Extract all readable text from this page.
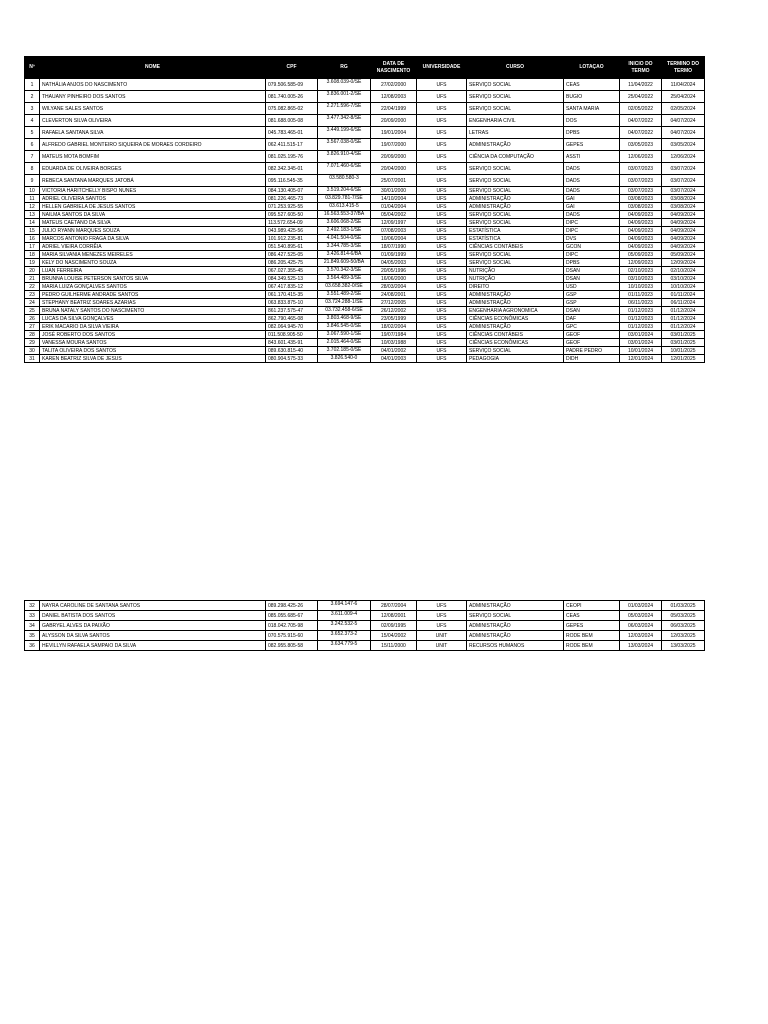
Nº	NOME	CPF	RG	DATA DE NASCIMENTO	UNIVERSIDADE	CURSO	LOTAÇAO	INICIO DO TERMO	TERMINO DO TERMO
1	NATHÁLIA ANJOS DO NASCIMENTO	079.506.585-09	3.608.039-0/SE	27/02/2000	UFS	SERVIÇO SOCIAL	CEAS	11/04/2022	11/04/2024
2	THAUANY PINHEIRO DOS SANTOS	081.740.005-26	3.836.001-2/SE	12/08/2003	UFS	SERVIÇO SOCIAL	BUGIO	25/04/2022	25/04/2024
3	WILYANE SALES SANTOS	075.082.865-02	2.271.596-7/SE	22/04/1999	UFS	SERVIÇO SOCIAL	SANTA MARIA	02/05/2022	02/05/2024
4	CLEVERTON SILVA OLIVEIRA	081.688.005-08	3.477.342-8/SE	20/09/2000	UFS	ENGENHARIA CIVIL	DOS	04/07/2022	04/07/2024
5	RAFAELA SANTANA SILVA	045.783.465-01	3.449.199-6/SE	19/01/2004	UFS	LETRAS	DPBS	04/07/2022	04/07/2024
6	ALFREDO GABRIEL MONTEIRO SIQUEIRA DE MORAES CORDEIRO	062.411.515-17	3.567.038-0/SE	19/07/2000	UFS	ADMINISTRAÇÃO	GEPES	03/05/2023	03/05/2024
7	MATEUS MOTA BOMFIM	081.025.195-76	3.826.910-4/SE	20/09/2000	UFS	CIÊNCIA DA COMPUTAÇÃO	ASSTI	12/06/2023	12/06/2024
8	EDUARDA DE OLIVEIRA BORGES	082.342.345-01	7.071.460-6/SE	20/04/2000	UFS	SERVIÇO SOCIAL	DADS	03/07/2023	03/07/2024
9	REBECA SANTANA MARQUES JATOBÁ	095.116.545-35	03.580.580-3	25/07/2001	UFS	SERVIÇO SOCIAL	DADS	03/07/2023	03/07/2024
10	VICTORIA HARITCHELLY BISPO NUNES	084.130.405-07	3.519.204-6/SE	30/01/2000	UFS	SERVIÇO SOCIAL	DADS	03/07/2023	03/07/2024
11	ADRIEL OLIVEIRA SANTOS	081.226.465-73	03.829.781-7/SE	14/10/2004	UFS	ADMINISTRAÇÃO	GAI	03/08/2023	03/08/2024
12	HELLEN GABRIELA DE JESUS SANTOS	071.253.925-55	03.613.415-5	01/04/2004	UFS	ADMINISTRAÇÃO	GAI	03/08/2023	03/08/2024
13	NAILMA SANTOS DA SILVA	095.527.605-50	16.563.553-37/BA	05/04/2002	UFS	SERVIÇO SOCIAL	DADS	04/09/2023	04/09/2024
14	MATEUS CAETANO DA SILVA	113.572.654-09	3.606.068-2/SE	12/09/1997	UFS	SERVIÇO SOCIAL	DIPC	04/09/2023	04/09/2024
15	JULIO RYANN MARQUES SOUZA	043.989.425-56	2.492.183-1/SE	07/08/2003	UFS	ESTATÍSTICA	DIPC	04/09/2023	04/09/2024
16	MARCOS ANTONIO FRAGA DA SILVA	101.912.235-81	4.041.504-0/SE	10/06/2004	UFS	ESTATÍSTICA	DVS	04/09/2023	04/09/2024
17	ADRIEL VIEIRA CORRÊIA	051.540.895-61	3.344.785-3/SE	18/07/1990	UFS	CIÊNCIAS CONTÁBEIS	GCON	04/09/2023	04/09/2024
18	MARIA SILVANIA MENEZES MEIRELES	086.427.525-05	3.426.814-6/BA	01/09/1999	UFS	SERVIÇO SOCIAL	DIPC	05/09/2023	05/09/2024
19	KELY DO NASCIMENTO SOUZA	086.205.425-75	21.849.609-50/BA	04/05/2003	UFS	SERVIÇO SOCIAL	DPBS	12/09/2023	12/09/2024
20	LUAN FERREIRA	067.027.355-45	3.570.342-3/SE	20/05/1996	UFS	NUTRIÇÃO	DSAN	02/10/2023	02/10/2024
21	BRUNNA LOUISE PETERSON SANTOS SILVA	084.349.525-13	3.564.489-3/SE	16/06/2000	UFS	NUTRIÇÃO	DSAN	03/10/2023	03/10/2024
22	MARIA LUIZA GONÇALVES SANTOS	067.417.835-12	03.658.382-0/SE	28/03/2004	UFS	DIREITO	USD	10/10/2023	10/10/2024
23	PEDRO GUILHERME ANDRADE SANTOS	061.170.415-35	3.551.489-2/SE	24/08/2001	UFS	ADMINISTRAÇÃO	GSP	01/11/2023	01/11/2024
24	STEPHANY BEATRIZ SOARES AZARIAS	063.833.875-10	03.724.288-1/SE	27/12/2005	UFS	ADMINISTRAÇÃO	GSP	06/11/2023	06/11/2024
25	BRUNA NATALY SANTOS DO NASCIMENTO	861.237.575-47	03.732.458-6/SE	26/12/2002	UFS	ENGENHARIA AGRONOMICA	DSAN	01/12/2023	01/12/2024
26	LUCAS DA SILVA GONÇALVES	862.790.465-08	3.803.468-9/SE	23/05/1999	UFS	CIÊNCIAS ECONÔMICAS	DAF	01/12/2023	01/12/2024
27	ERIK MACARIO DA SILVA VIEIRA	082.064.945-70	3.846.545-0/SE	18/02/2004	UFS	ADMINISTRAÇÃO	GPC	01/12/2023	01/12/2024
28	JOSÉ ROBERTO DOS SANTOS	011.508.905-50	3.067.590-1/SE	19/07/1984	UFS	CIÊNCIAS CONTÁBEIS	GEOF	03/01/2024	03/01/2025
29	VANESSA MOURA SANTOS	843.601.435-91	2.015.464-0/SE	10/03/1988	UFS	CIÊNCIAS ECONÔMICAS	GEOF	03/01/2024	03/01/2025
30	TALITA OLIVEIRA DOS SANTOS	089.630.815-40	3.702.185-0/SE	04/01/2002	UFS	SERVIÇO SOCIAL	PADRE PEDRO	10/01/2024	10/01/2025
31	KAREN BEATRIZ SILVA DE JESUS	080.904.575-33	3.826.540-0	04/01/2003	UFS	PEDAGOGIA	DIDH	12/01/2024	12/01/2025
32	NAYRA CAROLINE DE SANTANA SANTOS	089.298.425-26	3.694.147-6	28/07/2004	UFS	ADMINISTRAÇÃO	CEOPI	01/03/2024	01/03/2025
33	DANIEL BATISTA DOS SANTOS	085.055.685-67	3.611.009-4	12/08/2001	UFS	SERVIÇO SOCIAL	CEAS	05/03/2024	05/03/2025
34	GABRYEL ALVES DA PAIXÃO	018.042.705-98	3.242.532-5	02/09/1995	UFS	ADMINISTRAÇÃO	GEPES	06/03/2024	06/03/2025
35	ALYSSON DA SILVA SANTOS	070.575.915-60	3.652.373-2	15/04/2002	UNIT	ADMINISTRAÇÃO	RODE BEM	12/03/2024	12/03/2025
36	HEVILLYN RAFAELA SAMPAIO DA SILVA	082.955.805-58	3.634.779-5	15/11/2000	UNIT	RECURSOS HUMANOS	RODE BEM	13/03/2024	13/03/2025
